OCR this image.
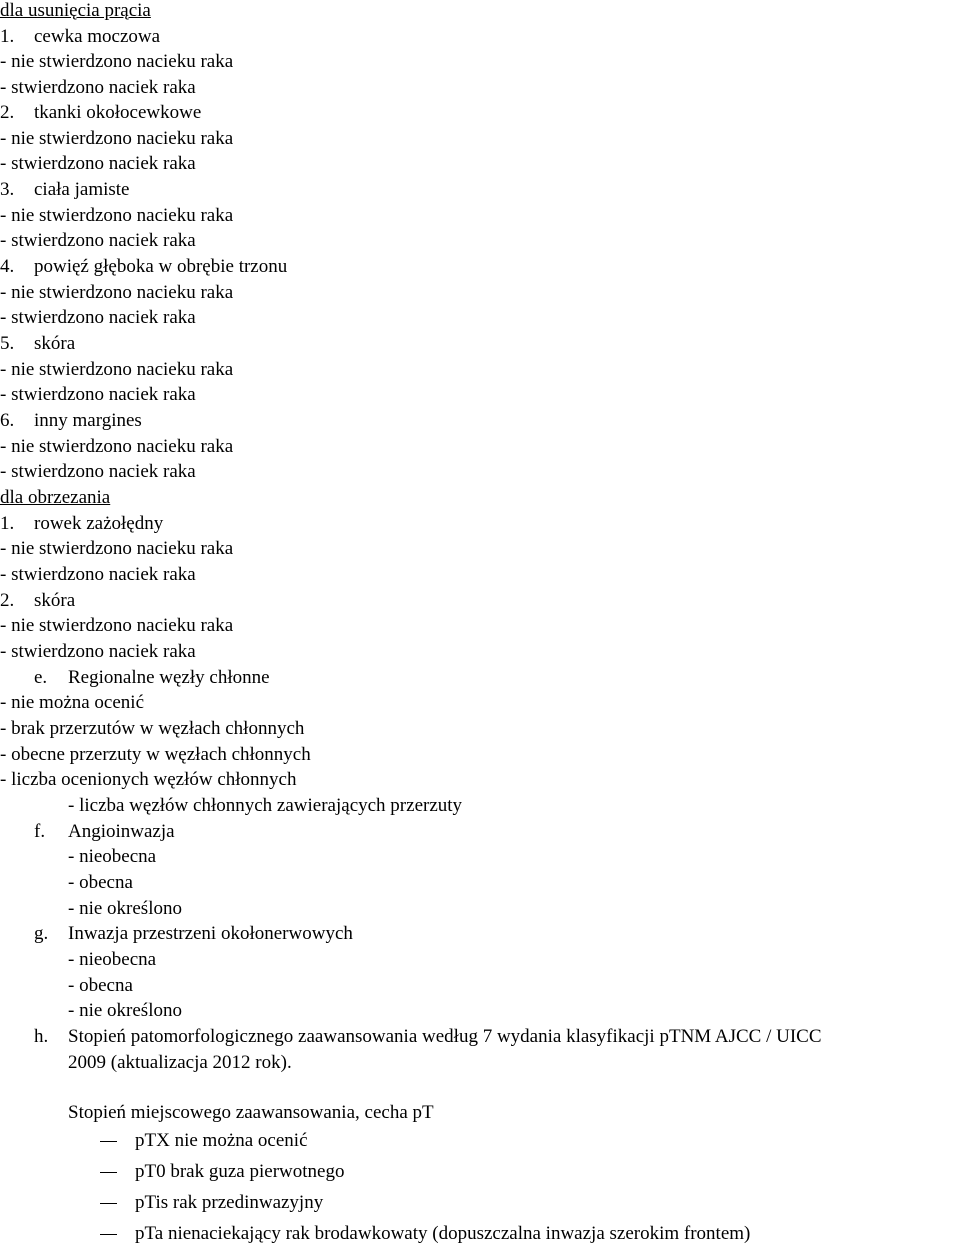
dla usunięcia prącia
1. cewka moczowa
- nie stwierdzono nacieku raka
- stwierdzono naciek raka
2. tkanki okołocewkowe
- nie stwierdzono nacieku raka
- stwierdzono naciek raka
3. ciała jamiste
- nie stwierdzono nacieku raka
- stwierdzono naciek raka
4. powięź głęboka w obrębie trzonu
- nie stwierdzono nacieku raka
- stwierdzono naciek raka
5. skóra
- nie stwierdzono nacieku raka
- stwierdzono naciek raka
6. inny margines
- nie stwierdzono nacieku raka
- stwierdzono naciek raka
dla obrzezania
1. rowek zażołędny
- nie stwierdzono nacieku raka
- stwierdzono naciek raka
2. skóra
- nie stwierdzono nacieku raka
- stwierdzono naciek raka
e. Regionalne węzły chłonne
- nie można ocenić
- brak przerzutów w węzłach chłonnych
- obecne przerzuty w węzłach chłonnych
- liczba ocenionych węzłów chłonnych
- liczba węzłów chłonnych zawierających przerzuty
f. Angioinwazja
- nieobecna
- obecna
- nie określono
g. Inwazja przestrzeni okołonerwowych
- nieobecna
- obecna
- nie określono
h. Stopień patomorfologicznego zaawansowania według 7 wydania klasyfikacji pTNM AJCC / UICC
2009 (aktualizacja 2012 rok).
Stopień miejscowego zaawansowania, cecha pT
pTX nie można ocenić
pT0 brak guza pierwotnego
pTis rak przedinwazyjny
pTa nienaciekający rak brodawkowaty (dopuszczalna inwazja szerokim frontem)
